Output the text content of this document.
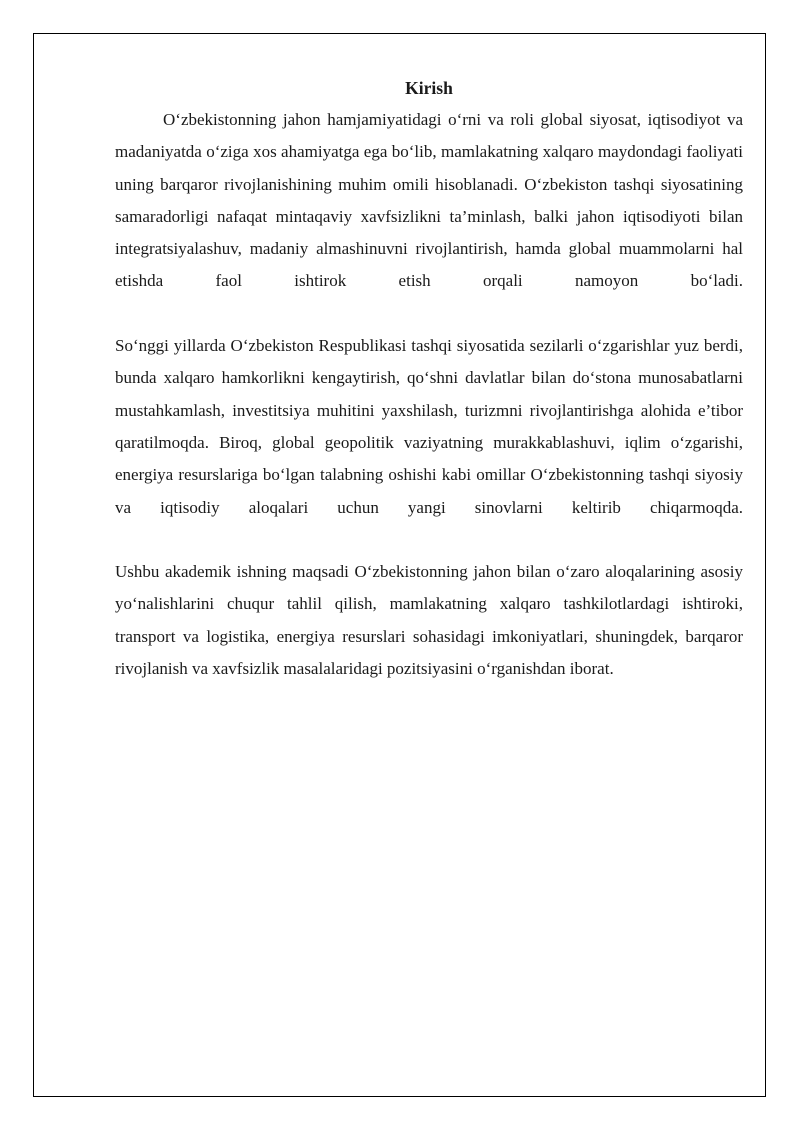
Kirish

O‘zbekistonning jahon hamjamiyatidagi o‘rni va roli global siyosat, iqtisodiyot va madaniyatda o‘ziga xos ahamiyatga ega bo‘lib, mamlakatning xalqaro maydondagi faoliyati uning barqaror rivojlanishining muhim omili hisoblanadi. O‘zbekiston tashqi siyosatining samaradorligi nafaqat mintaqaviy xavfsizlikni ta’minlash, balki jahon iqtisodiyoti bilan integratsiyalashuv, madaniy almashinuvni rivojlantirish, hamda global muammolarni hal etishda faol ishtirok etish orqali namoyon bo‘ladi.

So‘nggi yillarda O‘zbekiston Respublikasi tashqi siyosatida sezilarli o‘zgarishlar yuz berdi, bunda xalqaro hamkorlikni kengaytirish, qo‘shni davlatlar bilan do‘stona munosabatlarni mustahkamlash, investitsiya muhitini yaxshilash, turizmni rivojlantirishga alohida e’tibor qaratilmoqda. Biroq, global geopolitik vaziyatning murakkablashuvi, iqlim o‘zgarishi, energiya resurslariga bo‘lgan talabning oshishi kabi omillar O‘zbekistonning tashqi siyosiy va iqtisodiy aloqalari uchun yangi sinovlarni keltirib chiqarmoqda.

Ushbu akademik ishning maqsadi O‘zbekistonning jahon bilan o‘zaro aloqalarining asosiy yo‘nalishlarini chuqur tahlil qilish, mamlakatning xalqaro tashkilotlardagi ishtiroki, transport va logistika, energiya resurslari sohasidagi imkoniyatlari, shuningdek, barqaror rivojlanish va xavfsizlik masalalaridagi pozitsiyasini o‘rganishdan iborat.
